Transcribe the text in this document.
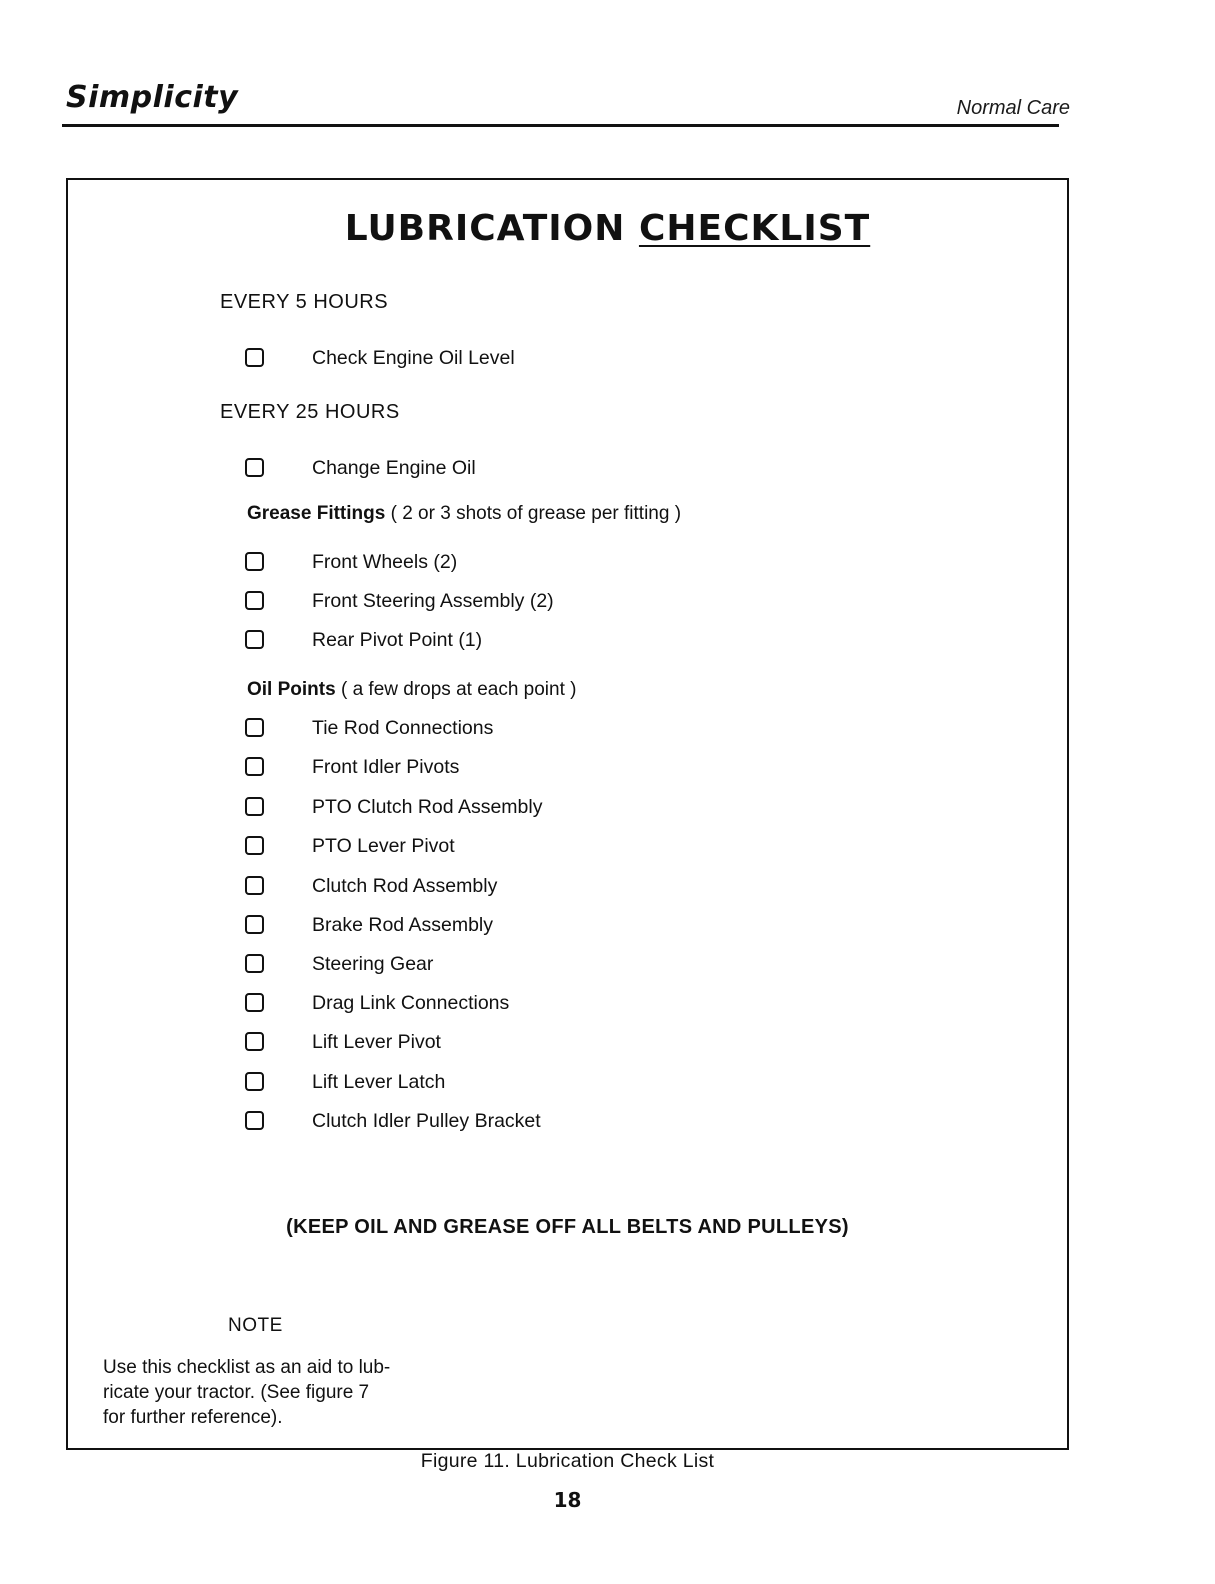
Simplicity	Normal Care
LUBRICATION CHECKLIST
EVERY 5 HOURS
Check Engine Oil Level
EVERY 25 HOURS
Change Engine Oil
Grease Fittings ( 2 or 3 shots of grease per fitting )
Front Wheels (2)
Front Steering Assembly (2)
Rear Pivot Point (1)
Oil Points ( a few drops at each point )
Tie Rod Connections
Front Idler Pivots
PTO Clutch Rod Assembly
PTO Lever Pivot
Clutch Rod Assembly
Brake Rod Assembly
Steering Gear
Drag Link Connections
Lift Lever Pivot
Lift Lever Latch
Clutch Idler Pulley Bracket
(KEEP OIL AND GREASE OFF ALL BELTS AND PULLEYS)
NOTE
Use this checklist as an aid to lub-
ricate your tractor. (See figure 7
for further reference).
Figure 11. Lubrication Check List
18
